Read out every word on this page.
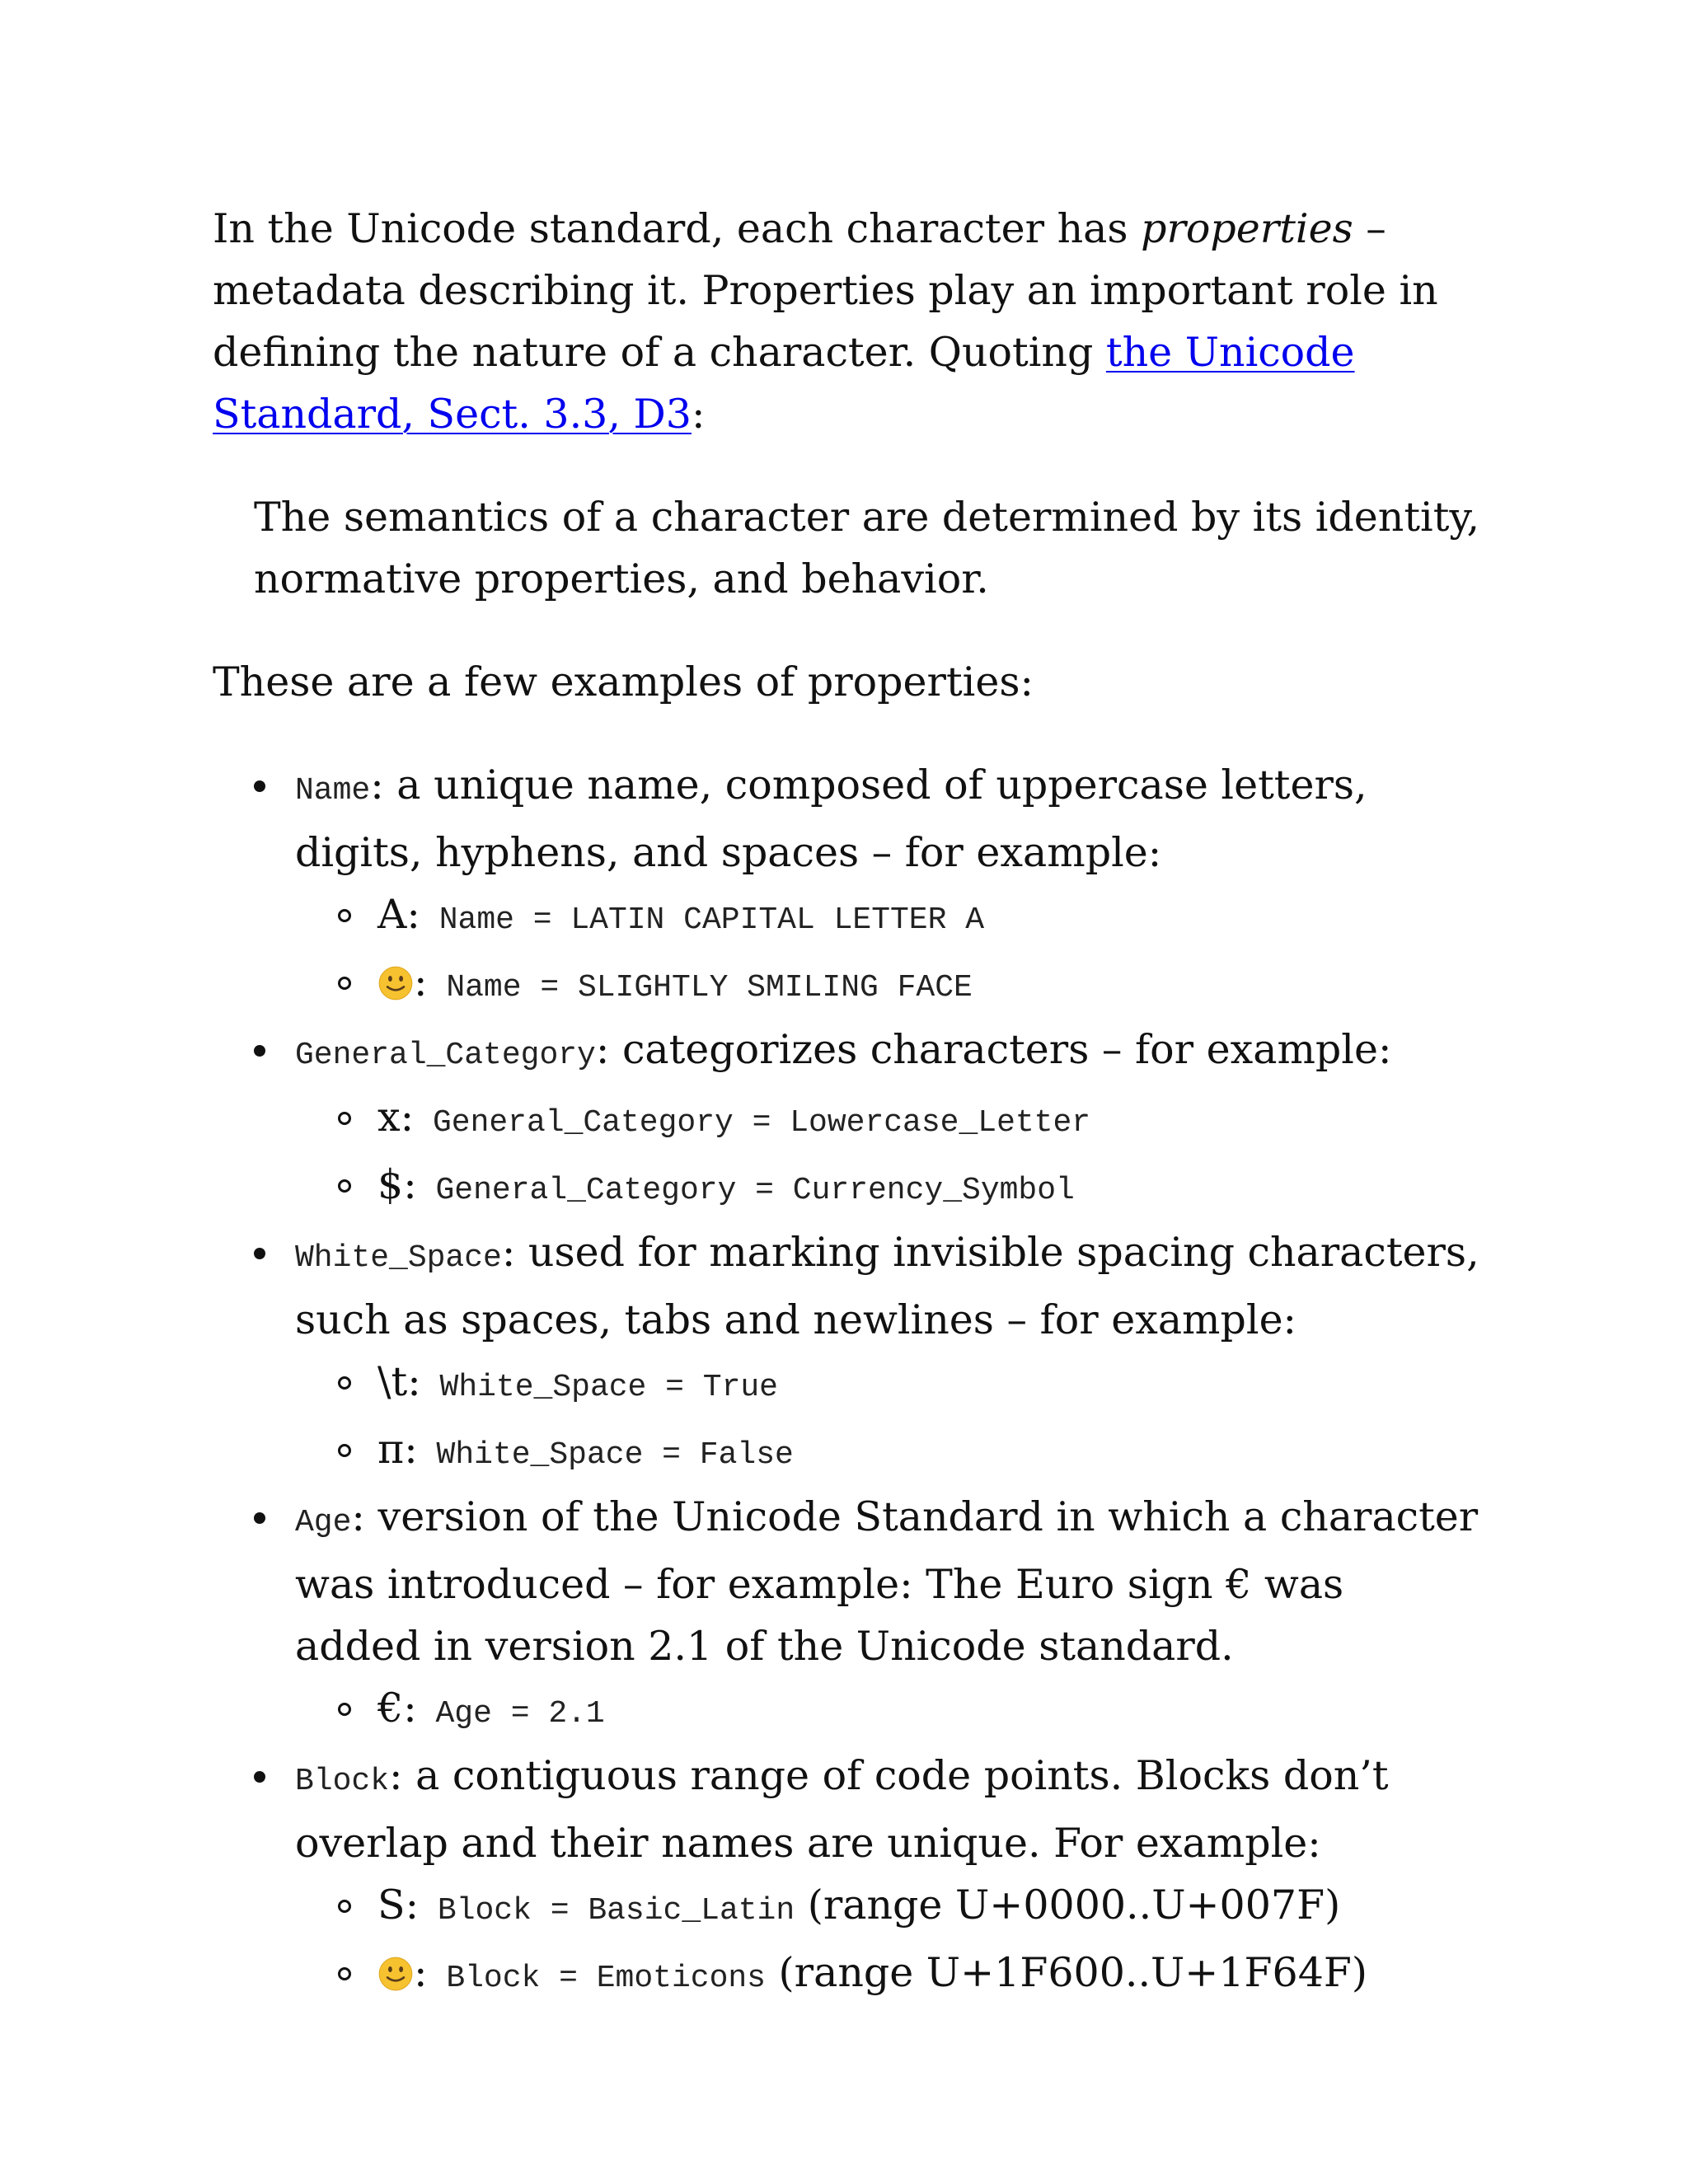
In the Unicode standard, each character has properties – metadata describing it. Properties play an important role in defining the nature of a character. Quoting the Unicode Standard, Sect. 3.3, D3:

The semantics of a character are determined by its identity, normative properties, and behavior.

These are a few examples of properties:

Name: a unique name, composed of uppercase letters, digits, hyphens, and spaces – for example:
A: Name = LATIN CAPITAL LETTER A
: Name = SLIGHTLY SMILING FACE
General_Category: categorizes characters – for example:
x: General_Category = Lowercase_Letter
$: General_Category = Currency_Symbol
White_Space: used for marking invisible spacing characters, such as spaces, tabs and newlines – for example:
\t: White_Space = True
π: White_Space = False
Age: version of the Unicode Standard in which a character was introduced – for example: The Euro sign € was added in version 2.1 of the Unicode standard.
€: Age = 2.1
Block: a contiguous range of code points. Blocks don’t overlap and their names are unique. For example:
S: Block = Basic_Latin (range U+0000..U+007F)
: Block = Emoticons (range U+1F600..U+1F64F)
